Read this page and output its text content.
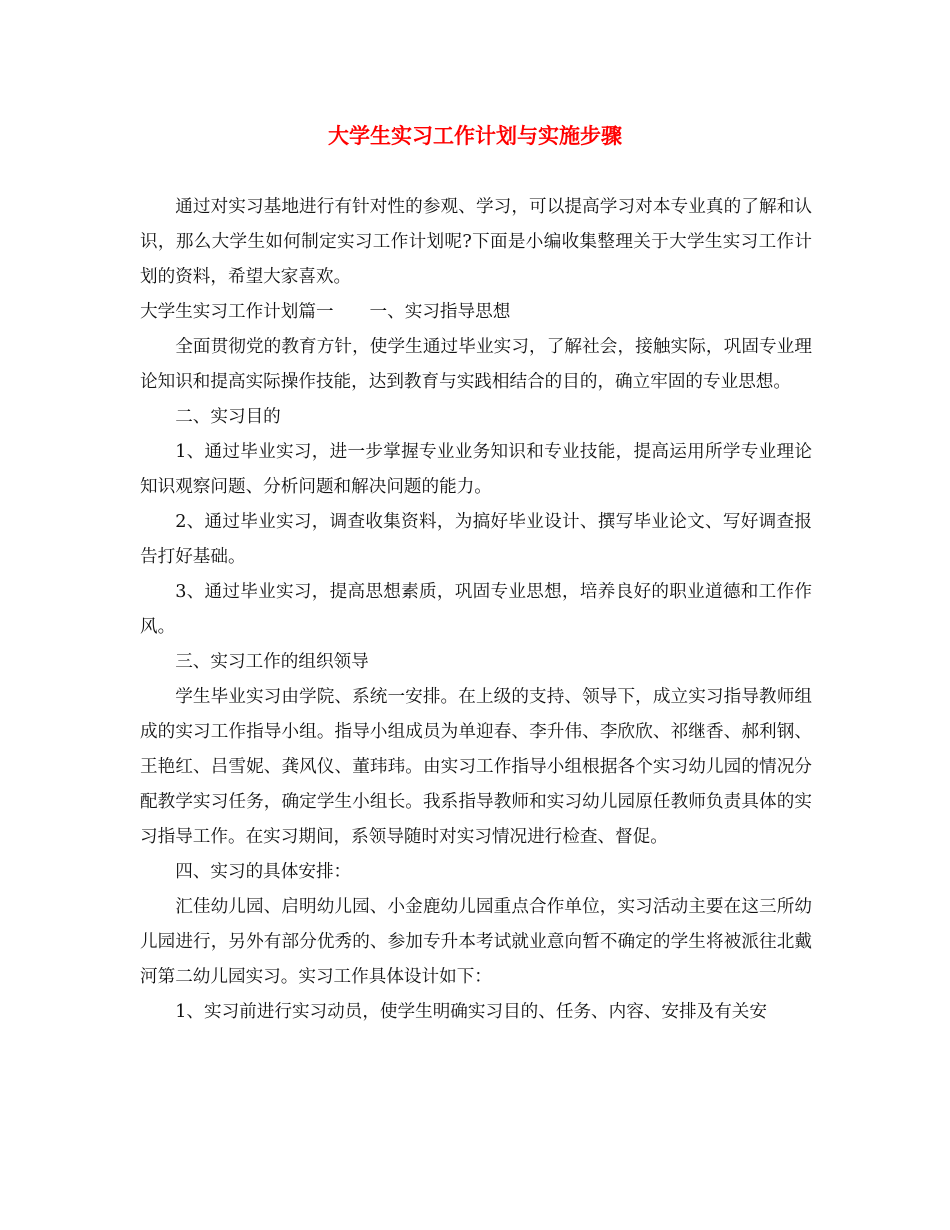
大学生实习工作计划与实施步骤

通过对实习基地进行有针对性的参观、学习，可以提高学习对本专业真的了解和认识，那么大学生如何制定实习工作计划呢?下面是小编收集整理关于大学生实习工作计划的资料，希望大家喜欢。

大学生实习工作计划篇一 一、实习指导思想

全面贯彻党的教育方针，使学生通过毕业实习，了解社会，接触实际，巩固专业理论知识和提高实际操作技能，达到教育与实践相结合的目的，确立牢固的专业思想。

二、实习目的

1、通过毕业实习，进一步掌握专业业务知识和专业技能，提高运用所学专业理论知识观察问题、分析问题和解决问题的能力。

2、通过毕业实习，调查收集资料，为搞好毕业设计、撰写毕业论文、写好调查报告打好基础。

3、通过毕业实习，提高思想素质，巩固专业思想，培养良好的职业道德和工作作风。

三、实习工作的组织领导

学生毕业实习由学院、系统一安排。在上级的支持、领导下，成立实习指导教师组成的实习工作指导小组。指导小组成员为单迎春、李升伟、李欣欣、祁继香、郝利钢、王艳红、吕雪妮、龚风仪、董玮玮。由实习工作指导小组根据各个实习幼儿园的情况分配教学实习任务，确定学生小组长。我系指导教师和实习幼儿园原任教师负责具体的实习指导工作。在实习期间，系领导随时对实习情况进行检查、督促。

四、实习的具体安排：

汇佳幼儿园、启明幼儿园、小金鹿幼儿园重点合作单位，实习活动主要在这三所幼儿园进行，另外有部分优秀的、参加专升本考试就业意向暂不确定的学生将被派往北戴河第二幼儿园实习。实习工作具体设计如下：

1、实习前进行实习动员，使学生明确实习目的、任务、内容、安排及有关安
